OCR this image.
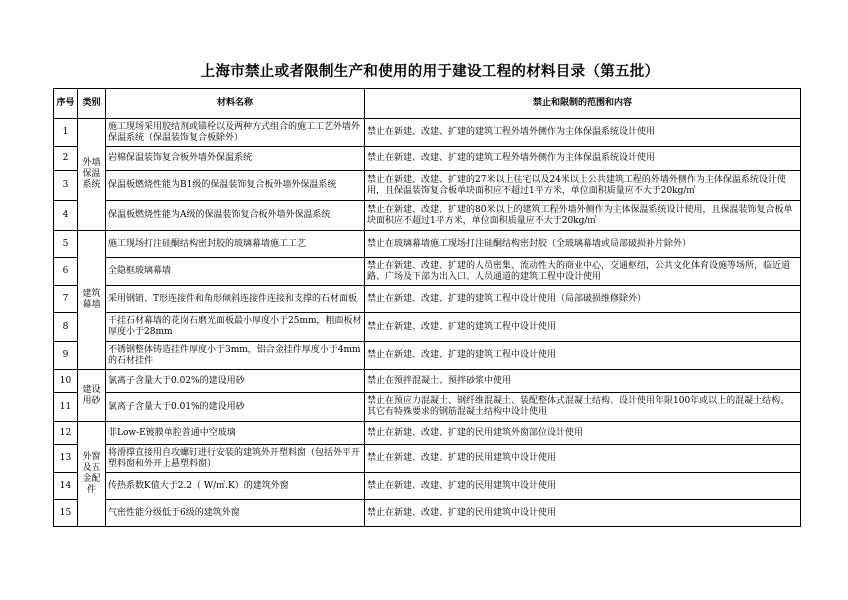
上海市禁止或者限制生产和使用的用于建设工程的材料目录（第五批）
序号	类别	材料名称	禁止和限制的范围和内容
1	外墙保温系统	施工现场采用胶结剂或锚栓以及两种方式组合的施工工艺外墙外保温系统（保温装饰复合板除外）	禁止在新建、改建、扩建的建筑工程外墙外侧作为主体保温系统设计使用
2		岩棉保温装饰复合板外墙外保温系统	禁止在新建、改建、扩建的建筑工程外墙外侧作为主体保温系统设计使用
3		保温板燃烧性能为B1级的保温装饰复合板外墙外保温系统	禁止在新建、改建、扩建的27米以上住宅以及24米以上公共建筑工程的外墙外侧作为主体保温系统设计使用，且保温装饰复合板单块面积应不超过1平方米，单位面积质量应不大于20kg/㎡
4		保温板燃烧性能为A级的保温装饰复合板外墙外保温系统	禁止在新建、改建、扩建的80米以上的建筑工程外墙外侧作为主体保温系统设计使用，且保温装饰复合板单块面积应不超过1平方米，单位面积质量应不大于20kg/㎡
5	建筑幕墙	施工现场打注硅酮结构密封胶的玻璃幕墙施工工艺	禁止在玻璃幕墙施工现场打注硅酮结构密封胶（全玻璃幕墙或局部破损补片除外）
6		全隐框玻璃幕墙	禁止在新建、改建、扩建的人员密集、流动性大的商业中心，交通枢纽，公共文化体育设施等场所，临近道路、广场及下部为出入口、人员通道的建筑工程中设计使用
7		采用钢销、T形连接件和角形倾斜连接件连接和支撑的石材面板	禁止在新建、改建、扩建的建筑工程中设计使用（局部破损维修除外）
8		干挂石材幕墙的花岗石磨光面板最小厚度小于25mm，粗面板材厚度小于28mm	禁止在新建、改建、扩建的建筑工程中设计使用
9		不锈钢整体铸造挂件厚度小于3mm，铝合金挂件厚度小于4mm的石材挂件	禁止在新建、改建、扩建的建筑工程中设计使用
10	建设用砂	氯离子含量大于0.02%的建设用砂	禁止在预拌混凝土、预拌砂浆中使用
11		氯离子含量大于0.01%的建设用砂	禁止在预应力混凝土、钢纤维混凝土、装配整体式混凝土结构、设计使用年限100年或以上的混凝土结构、其它有特殊要求的钢筋混凝土结构中设计使用
12	外窗及五金配件	非Low-E镀膜单腔普通中空玻璃	禁止在新建、改建、扩建的民用建筑外窗部位设计使用
13		将滑撑直接用自攻螺钉进行安装的建筑外开塑料窗（包括外平开塑料窗和外开上悬塑料窗）	禁止在新建、改建、扩建的民用建筑中设计使用
14		传热系数K值大于2.2（ W/㎡.K）的建筑外窗	禁止在新建、改建、扩建的民用建筑中设计使用
15		气密性能分级低于6级的建筑外窗	禁止在新建、改建、扩建的民用建筑中设计使用
